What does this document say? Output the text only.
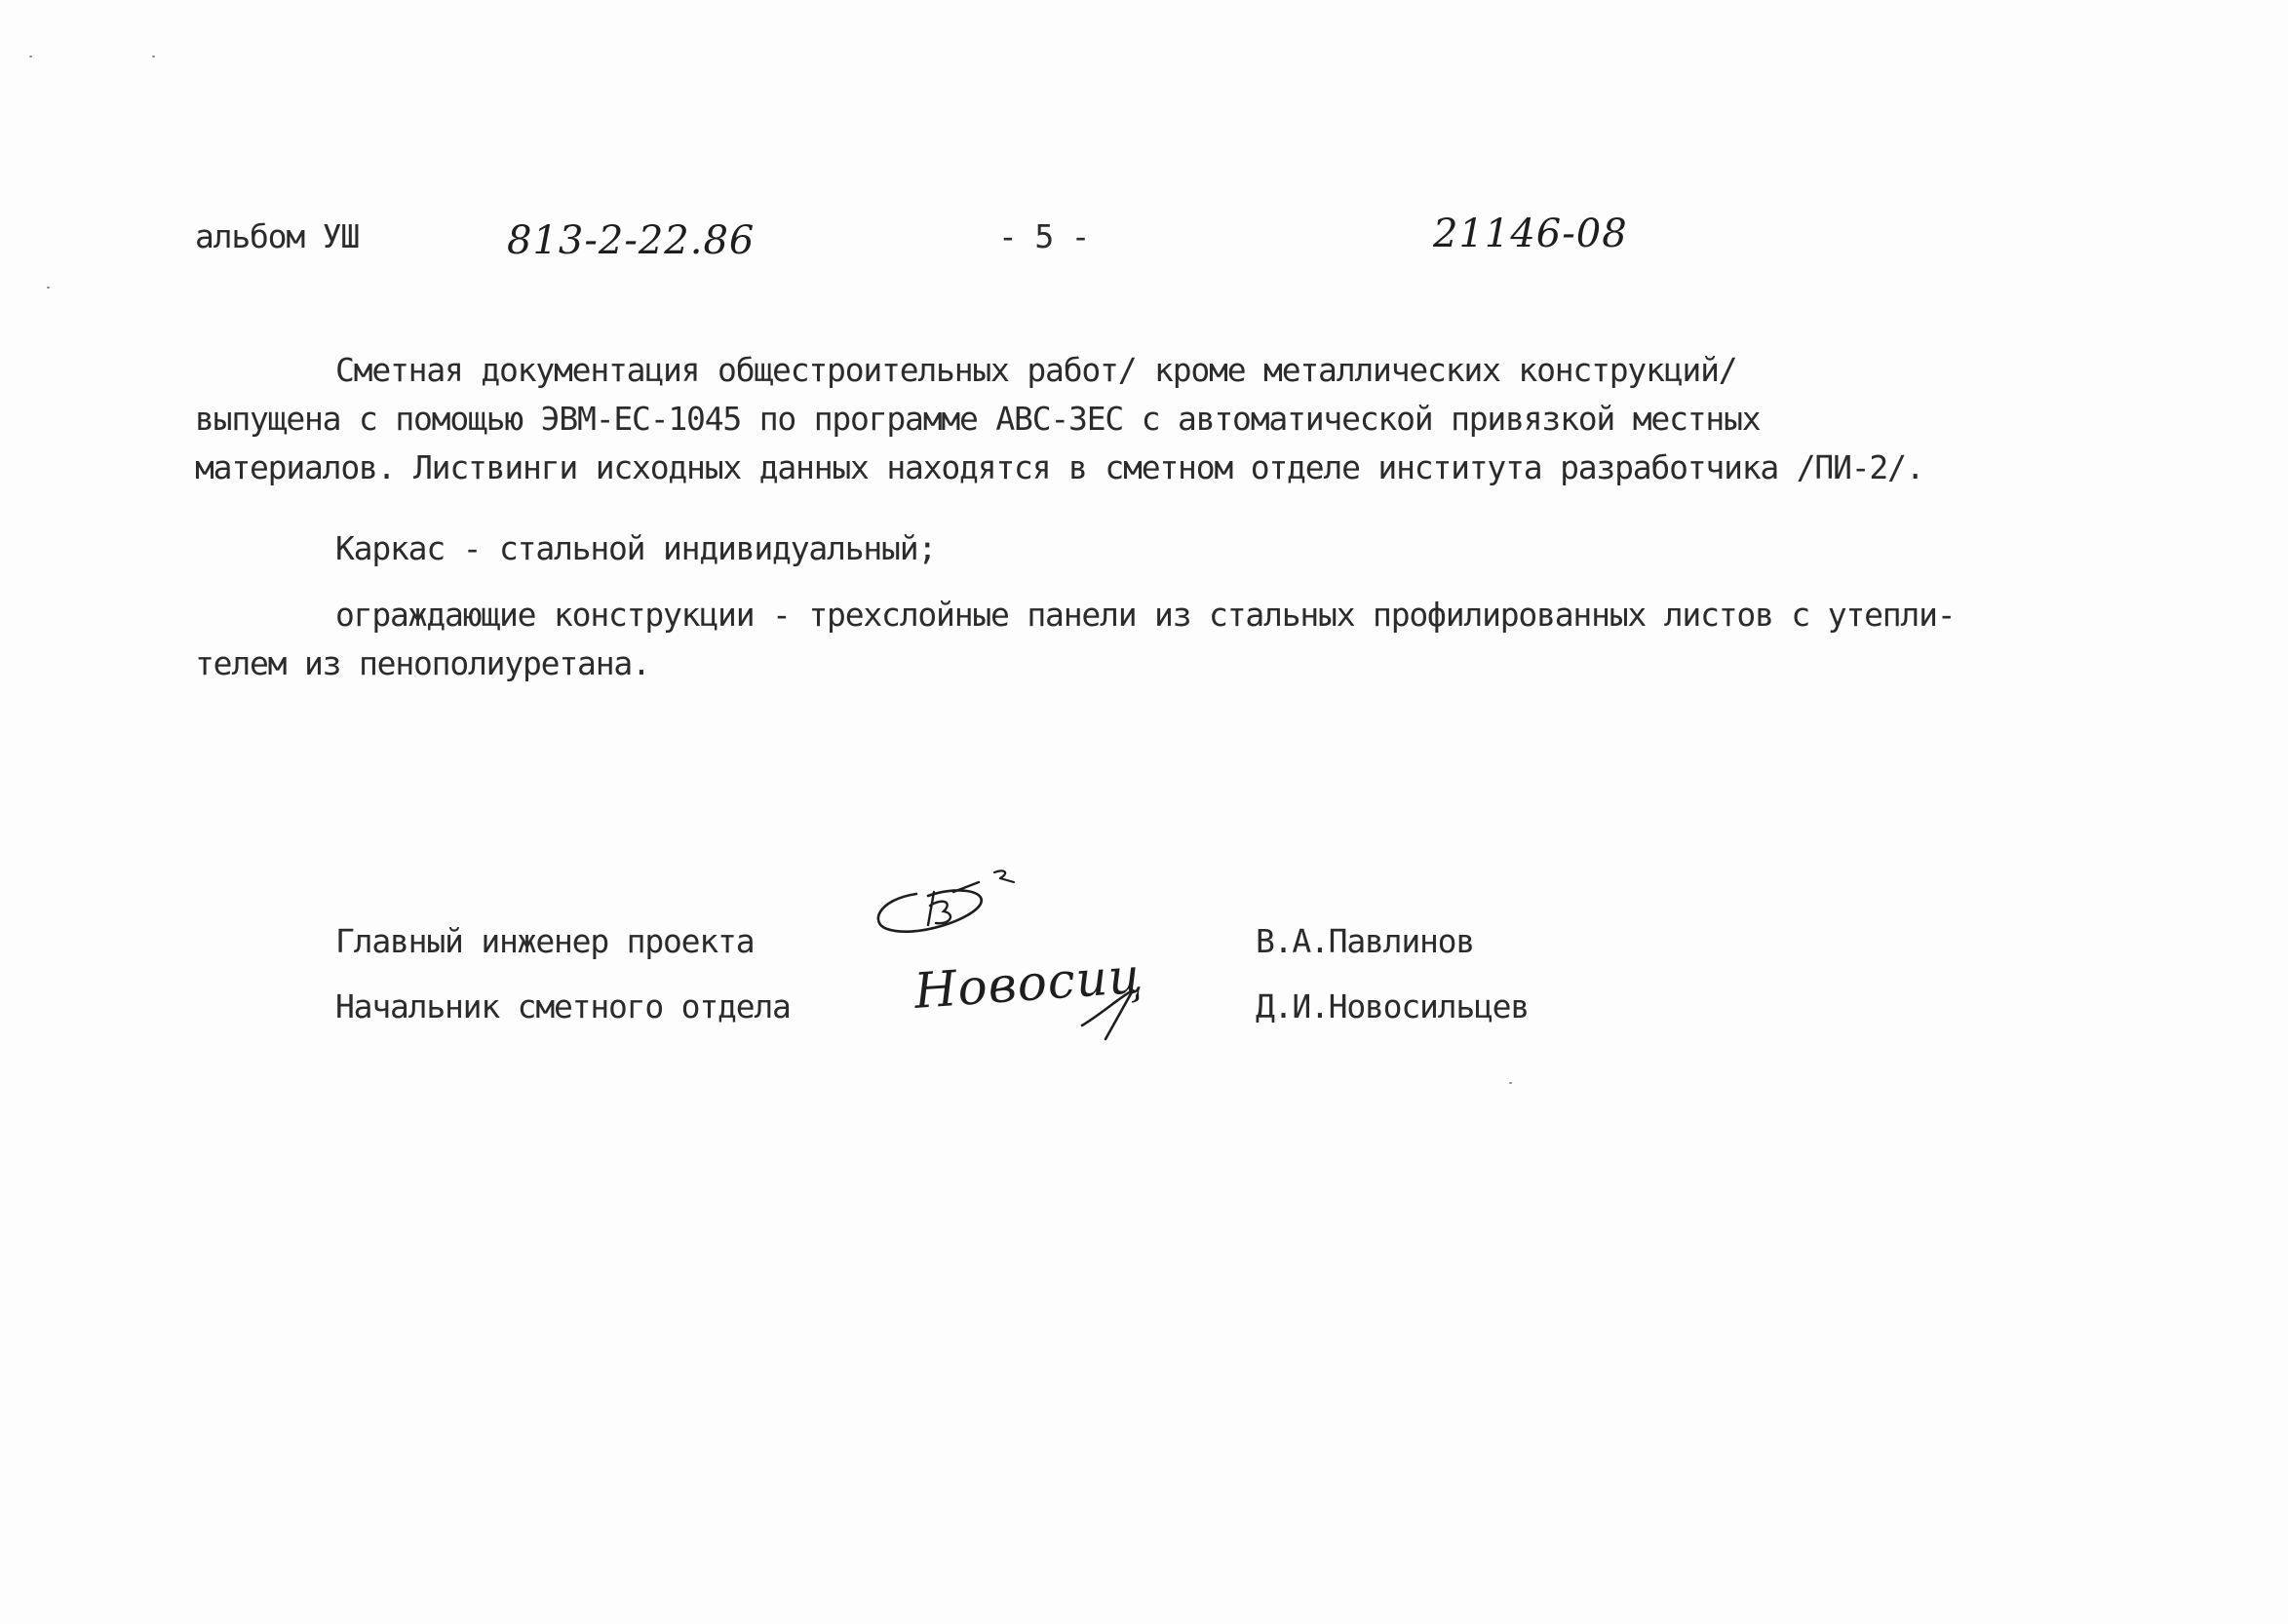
альбом УШ	813-2-22.86	- 5 -	21146-08
Сметная документация общестроительных работ/ кроме металлических конструкций/
выпущена с помощью ЭВМ-ЕС-1045 по программе АВС-ЗЕС с автоматической привязкой местных
материалов. Листвинги исходных данных находятся в сметном отделе института разработчика /ПИ-2/.
Каркас - стальной индивидуальный;
ограждающие конструкции - трехслойные панели из стальных профилированных листов с утепли-
телем из пенополиуретана.
Главный инженер проекта	В.А.Павлинов
Начальник сметного отдела	Д.И.Новосильцев
Новосиц
